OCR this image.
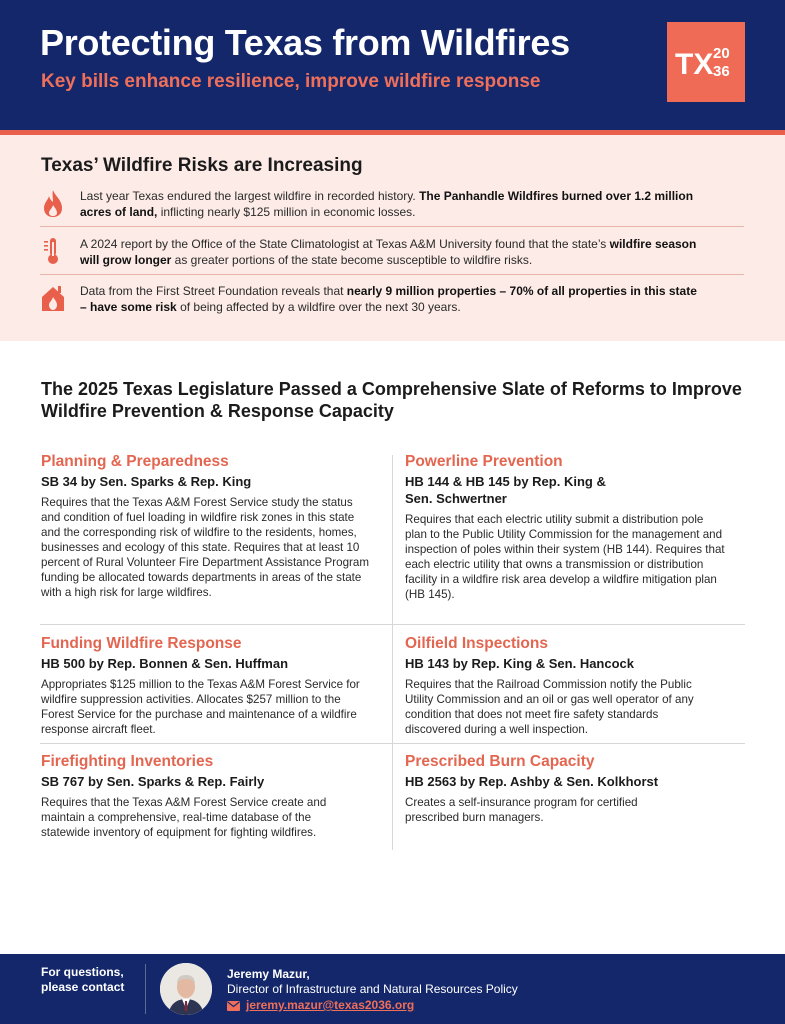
Protecting Texas from Wildfires
Key bills enhance resilience, improve wildfire response
TX 20
36
Texas’ Wildfire Risks are Increasing
Last year Texas endured the largest wildfire in recorded history. The Panhandle Wildfires burned over 1.2 million acres of land, inflicting nearly $125 million in economic losses.
A 2024 report by the Office of the State Climatologist at Texas A&M University found that the state’s wildfire season will grow longer as greater portions of the state become susceptible to wildfire risks.
Data from the First Street Foundation reveals that nearly 9 million properties – 70% of all properties in this state – have some risk of being affected by a wildfire over the next 30 years.
The 2025 Texas Legislature Passed a Comprehensive Slate of Reforms to Improve Wildfire Prevention & Response Capacity
Planning & Preparedness
SB 34 by Sen. Sparks & Rep. King
Requires that the Texas A&M Forest Service study the status and condition of fuel loading in wildfire risk zones in this state and the corresponding risk of wildfire to the residents, homes, businesses and ecology of this state. Requires that at least 10 percent of Rural Volunteer Fire Department Assistance Program funding be allocated towards departments in areas of the state with a high risk for large wildfires.
Powerline Prevention
HB 144 & HB 145 by Rep. King & Sen. Schwertner
Requires that each electric utility submit a distribution pole plan to the Public Utility Commission for the management and inspection of poles within their system (HB 144). Requires that each electric utility that owns a transmission or distribution facility in a wildfire risk area develop a wildfire mitigation plan (HB 145).
Funding Wildfire Response
HB 500 by Rep. Bonnen & Sen. Huffman
Appropriates $125 million to the Texas A&M Forest Service for wildfire suppression activities. Allocates $257 million to the Forest Service for the purchase and maintenance of a wildfire response aircraft fleet.
Oilfield Inspections
HB 143 by Rep. King & Sen. Hancock
Requires that the Railroad Commission notify the Public Utility Commission and an oil or gas well operator of any condition that does not meet fire safety standards discovered during a well inspection.
Firefighting Inventories
SB 767 by Sen. Sparks & Rep. Fairly
Requires that the Texas A&M Forest Service create and maintain a comprehensive, real-time database of the statewide inventory of equipment for fighting wildfires.
Prescribed Burn Capacity
HB 2563 by Rep. Ashby & Sen. Kolkhorst
Creates a self-insurance program for certified prescribed burn managers.
For questions, please contact
Jeremy Mazur,
Director of Infrastructure and Natural Resources Policy
jeremy.mazur@texas2036.org
